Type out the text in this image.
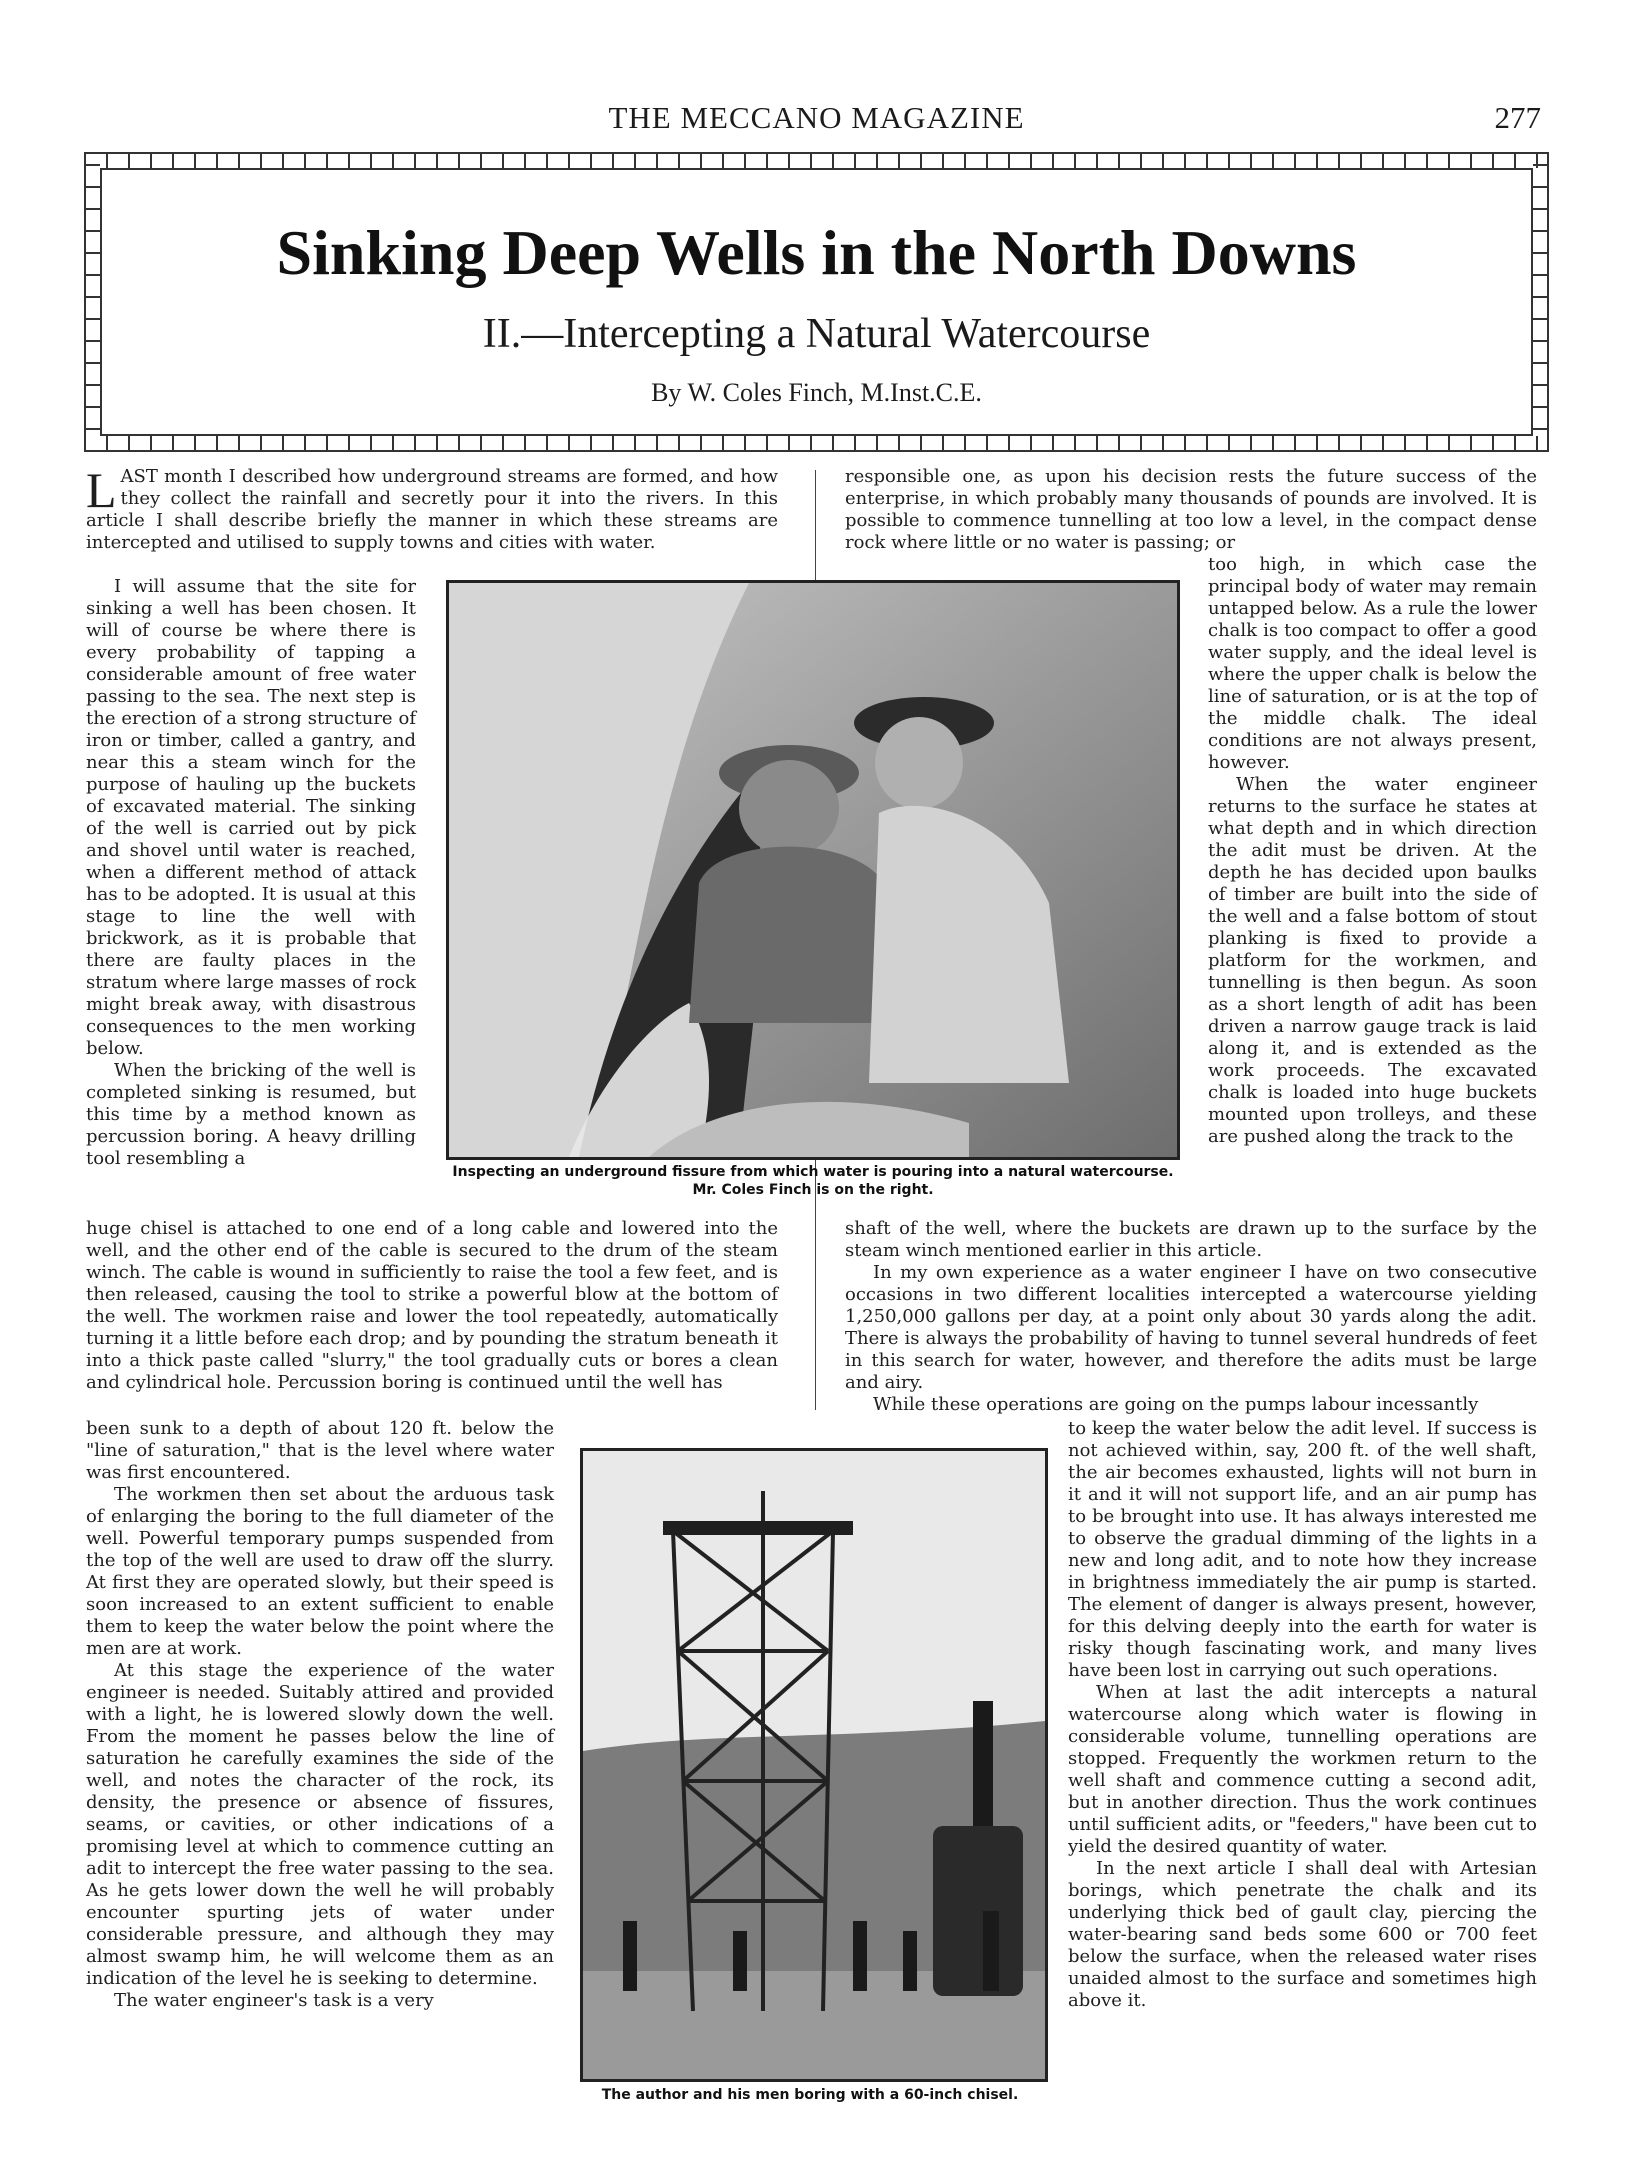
THE MECCANO MAGAZINE	277
Sinking Deep Wells in the North Downs
II.—Intercepting a Natural Watercourse
By W. Coles Finch, M.Inst.C.E.

LAST month I described how underground streams are formed, and how they collect the rainfall and secretly pour it into the rivers. In this article I shall describe briefly the manner in which these streams are intercepted and utilised to supply towns and cities with water.

I will assume that the site for sinking a well has been chosen. It will of course be where there is every probability of tapping a considerable amount of free water passing to the sea. The next step is the erection of a strong structure of iron or timber, called a gantry, and near this a steam winch for the purpose of hauling up the buckets of excavated material. The sinking of the well is carried out by pick and shovel until water is reached, when a different method of attack has to be adopted. It is usual at this stage to line the well with brickwork, as it is probable that there are faulty places in the stratum where large masses of rock might break away, with disastrous consequences to the men working below.

When the bricking of the well is completed sinking is resumed, but this time by a method known as percussion boring. A heavy drilling tool resembling a

huge chisel is attached to one end of a long cable and lowered into the well, and the other end of the cable is secured to the drum of the steam winch. The cable is wound in sufficiently to raise the tool a few feet, and is then released, causing the tool to strike a powerful blow at the bottom of the well. The workmen raise and lower the tool repeatedly, automatically turning it a little before each drop; and by pounding the stratum beneath it into a thick paste called "slurry," the tool gradually cuts or bores a clean and cylindrical hole. Percussion boring is continued until the well has

been sunk to a depth of about 120 ft. below the "line of saturation," that is the level where water was first encountered.

The workmen then set about the arduous task of enlarging the boring to the full diameter of the well. Powerful temporary pumps suspended from the top of the well are used to draw off the slurry. At first they are operated slowly, but their speed is soon increased to an extent sufficient to enable them to keep the water below the point where the men are at work.

At this stage the experience of the water engineer is needed. Suitably attired and provided with a light, he is lowered slowly down the well. From the moment he passes below the line of saturation he carefully examines the side of the well, and notes the character of the rock, its density, the presence or absence of fissures, seams, or cavities, or other indications of a promising level at which to commence cutting an adit to intercept the free water passing to the sea. As he gets lower down the well he will probably encounter spurting jets of water under considerable pressure, and although they may almost swamp him, he will welcome them as an indication of the level he is seeking to determine.

The water engineer's task is a very

responsible one, as upon his decision rests the future success of the enterprise, in which probably many thousands of pounds are involved. It is possible to commence tunnelling at too low a level, in the compact dense rock where little or no water is passing; or

too high, in which case the principal body of water may remain untapped below. As a rule the lower chalk is too compact to offer a good water supply, and the ideal level is where the upper chalk is below the line of saturation, or is at the top of the middle chalk. The ideal conditions are not always present, however.

When the water engineer returns to the surface he states at what depth and in which direction the adit must be driven. At the depth he has decided upon baulks of timber are built into the side of the well and a false bottom of stout planking is fixed to provide a platform for the workmen, and tunnelling is then begun. As soon as a short length of adit has been driven a narrow gauge track is laid along it, and is extended as the work proceeds. The excavated chalk is loaded into huge buckets mounted upon trolleys, and these are pushed along the track to the

shaft of the well, where the buckets are drawn up to the surface by the steam winch mentioned earlier in this article.

In my own experience as a water engineer I have on two consecutive occasions in two different localities intercepted a watercourse yielding 1,250,000 gallons per day, at a point only about 30 yards along the adit. There is always the probability of having to tunnel several hundreds of feet in this search for water, however, and therefore the adits must be large and airy.

While these operations are going on the pumps labour incessantly

to keep the water below the adit level. If success is not achieved within, say, 200 ft. of the well shaft, the air becomes exhausted, lights will not burn in it and it will not support life, and an air pump has to be brought into use. It has always interested me to observe the gradual dimming of the lights in a new and long adit, and to note how they increase in brightness immediately the air pump is started. The element of danger is always present, however, for this delving deeply into the earth for water is risky though fascinating work, and many lives have been lost in carrying out such operations.

When at last the adit intercepts a natural watercourse along which water is flowing in considerable volume, tunnelling operations are stopped. Frequently the workmen return to the well shaft and commence cutting a second adit, but in another direction. Thus the work continues until sufficient adits, or "feeders," have been cut to yield the desired quantity of water.

In the next article I shall deal with Artesian borings, which penetrate the chalk and its underlying thick bed of gault clay, piercing the water-bearing sand beds some 600 or 700 feet below the surface, when the released water rises unaided almost to the surface and sometimes high above it.

Inspecting an underground fissure from which water is pouring into a natural watercourse.
Mr. Coles Finch is on the right.
The author and his men boring with a 60-inch chisel.
